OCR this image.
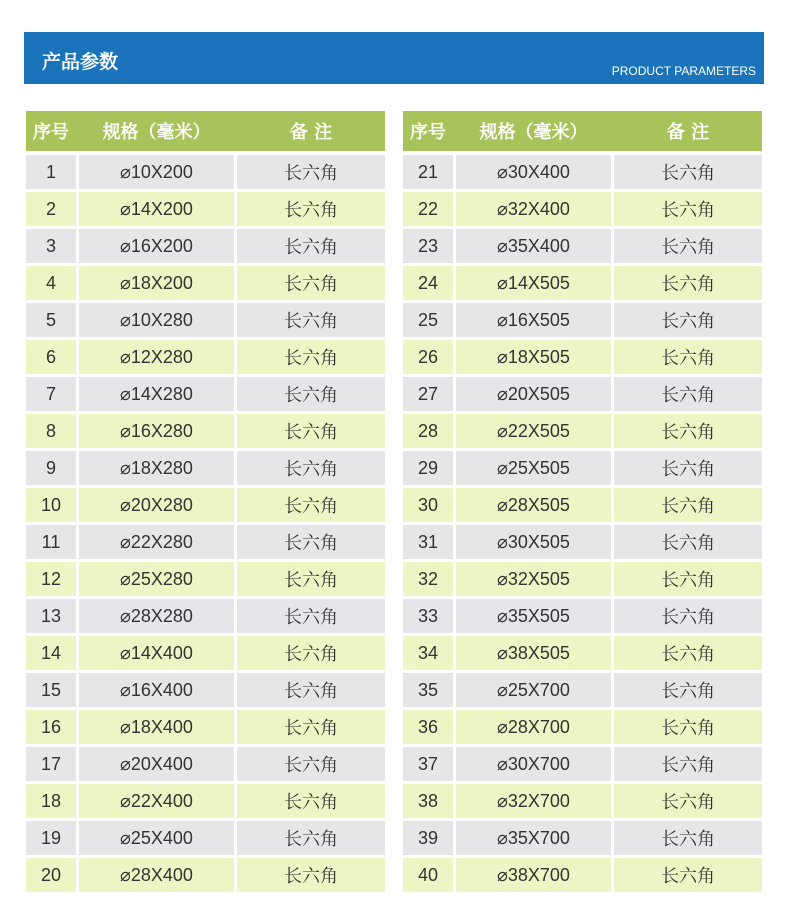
产品参数	PRODUCT PARAMETERS
序号	规格（毫米）	备 注
1	⌀10X200	长六角
2	⌀14X200	长六角
3	⌀16X200	长六角
4	⌀18X200	长六角
5	⌀10X280	长六角
6	⌀12X280	长六角
7	⌀14X280	长六角
8	⌀16X280	长六角
9	⌀18X280	长六角
10	⌀20X280	长六角
11	⌀22X280	长六角
12	⌀25X280	长六角
13	⌀28X280	长六角
14	⌀14X400	长六角
15	⌀16X400	长六角
16	⌀18X400	长六角
17	⌀20X400	长六角
18	⌀22X400	长六角
19	⌀25X400	长六角
20	⌀28X400	长六角
序号	规格（毫米）	备 注
21	⌀30X400	长六角
22	⌀32X400	长六角
23	⌀35X400	长六角
24	⌀14X505	长六角
25	⌀16X505	长六角
26	⌀18X505	长六角
27	⌀20X505	长六角
28	⌀22X505	长六角
29	⌀25X505	长六角
30	⌀28X505	长六角
31	⌀30X505	长六角
32	⌀32X505	长六角
33	⌀35X505	长六角
34	⌀38X505	长六角
35	⌀25X700	长六角
36	⌀28X700	长六角
37	⌀30X700	长六角
38	⌀32X700	长六角
39	⌀35X700	长六角
40	⌀38X700	长六角
